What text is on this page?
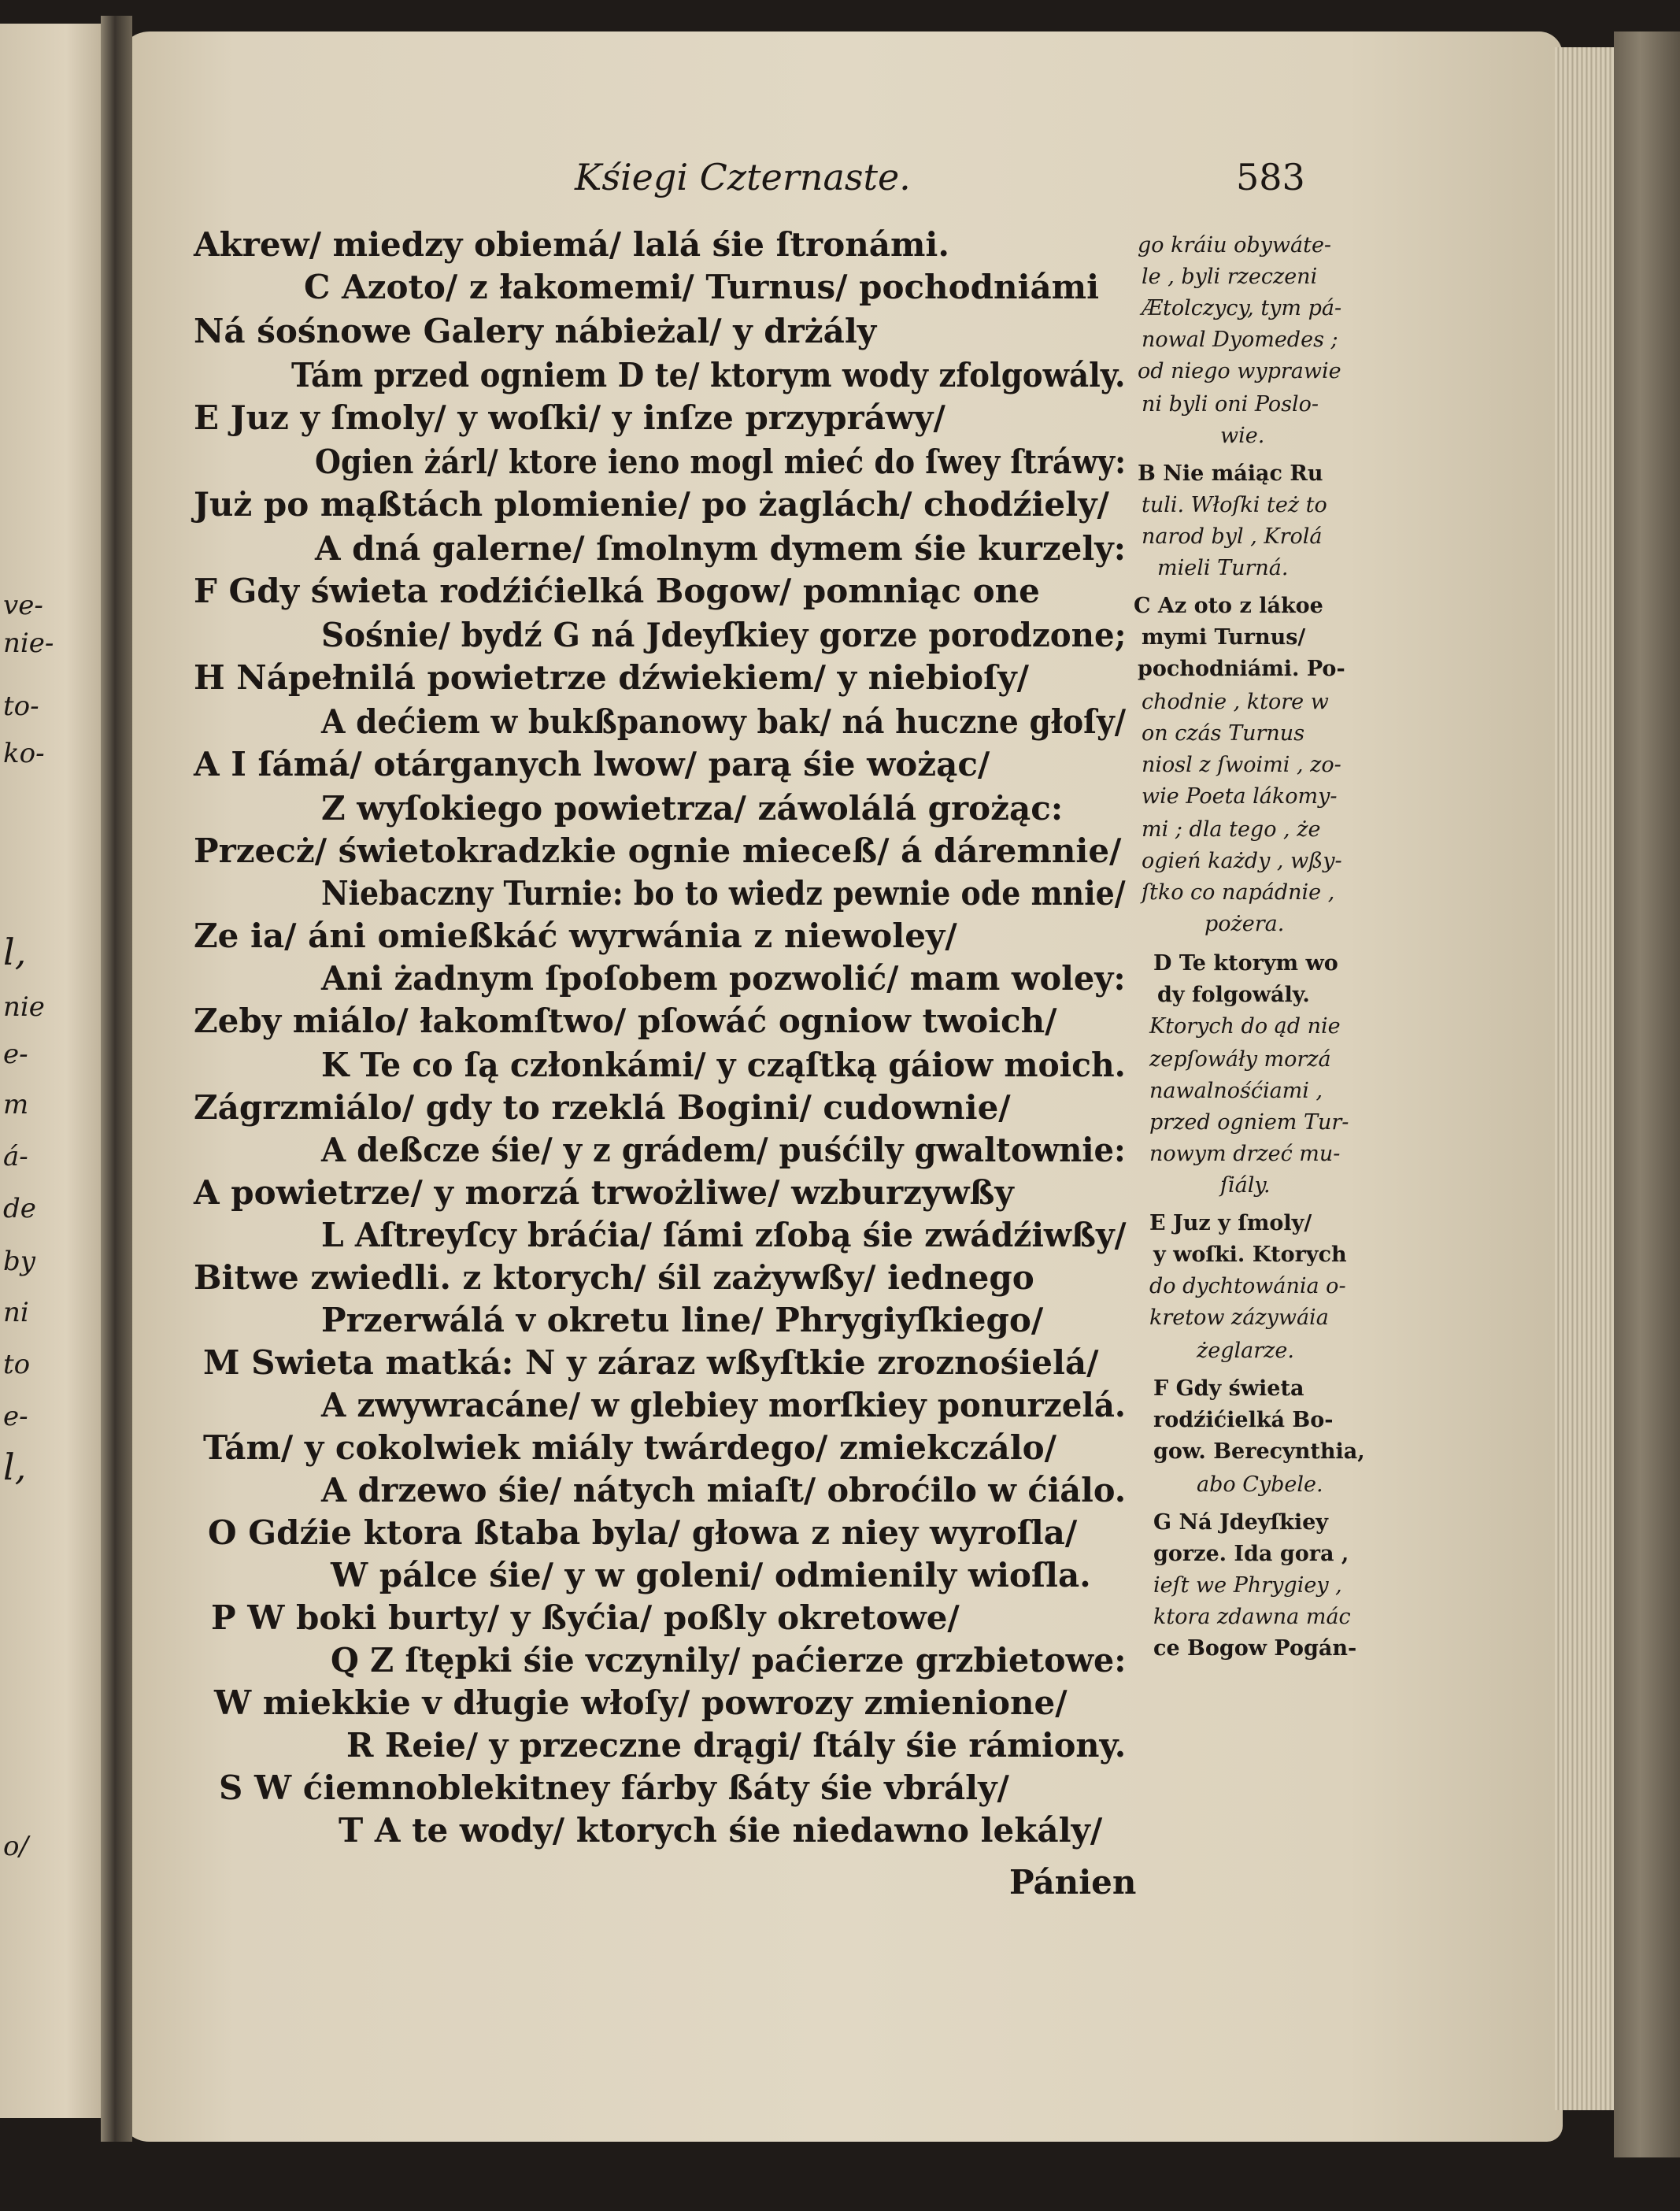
Kśiegi Czternaste.	583
ve-
nie-
to-
ko-
l,
nie
e-
m
á-
de
by
ni
to
e-
l,
o/
Akrew/ miedzy obiemá/ lalá śie ſtronámi.
C Azoto/ z łakomemi/ Turnus/ pochodniámi
Ná śośnowe Galery nábieżal/ y drżály
Tám przed ogniem D te/ ktorym wody zfolgowály.
E Juz y ſmoly/ y woſki/ y inſze przypráwy/
Ogien żárl/ ktore ieno mogl mieć do ſwey ſtráwy:
Już po mąßtách plomienie/ po żaglách/ chodźiely/
A dná galerne/ ſmolnym dymem śie kurzely:
F Gdy świeta rodźićielká Bogow/ pomniąc one
Sośnie/ bydź G ná Jdeyſkiey gorze porodzone;
H Nápełnilá powietrze dźwiekiem/ y niebioſy/
A dećiem w bukßpanowy bak/ ná huczne głoſy/
A I ſámá/ otárganych lwow/ parą śie wożąc/
Z wyſokiego powietrza/ záwolálá grożąc:
Przecż/ świetokradzkie ognie mieceß/ á dáremnie/
Niebaczny Turnie: bo to wiedz pewnie ode mnie/
Ze ia/ áni omießkáć wyrwánia z niewoley/
Ani żadnym ſpoſobem pozwolić/ mam woley:
Zeby miálo/ łakomſtwo/ pſowáć ogniow twoich/
K Te co ſą członkámi/ y cząſtką gáiow moich.
Zágrzmiálo/ gdy to rzeklá Bogini/ cudownie/
A deßcze śie/ y z grádem/ puśćily gwaltownie:
A powietrze/ y morzá trwożliwe/ wzburzywßy
L Aſtreyſcy bráćia/ ſámi zſobą śie zwádźiwßy/
Bitwe zwiedli. z ktorych/ śil zażywßy/ iednego
Przerwálá v okretu line/ Phrygiyſkiego/
M Swieta matká: N y záraz wßyſtkie zroznośielá/
A zwywracáne/ w glebiey morſkiey ponurzelá.
Tám/ y cokolwiek miály twárdego/ zmiekczálo/
A drzewo śie/ nátych miaſt/ obroćilo w ćiálo.
O Gdźie ktora ßtaba byla/ głowa z niey wyroſla/
W pálce śie/ y w goleni/ odmienily wioſla.
P W boki burty/ y ßyćia/ poßly okretowe/
Q Z ſtępki śie vczynily/ paćierze grzbietowe:
W miekkie v długie włoſy/ powrozy zmienione/
R Reie/ y przeczne drągi/ ſtály śie rámiony.
S W ćiemnoblekitney fárby ßáty śie vbrály/
T A te wody/ ktorych śie niedawno lekály/
Pánien
go kráiu obywáte-
le , byli rzeczeni
Ætolczycy, tym pá-
nowal Dyomedes ;
od niego wyprawie
ni byli oni Poslo-
wie.
B Nie máiąc Ru
tuli. Włoſki też to
narod byl , Krolá
mieli Turná.
C Az oto z lákoe
mymi Turnus/
pochodniámi. Po-
chodnie , ktore w
on czás Turnus
niosl z ſwoimi , zo-
wie Poeta lákomy-
mi ; dla tego , że
ogień każdy , wßy-
ſtko co napádnie ,
pożera.
D Te ktorym wo
dy folgowály.
Ktorych do ąd nie
zepſowáły morzá
nawalnośćiami ,
przed ogniem Tur-
nowym drzeć mu-
ſiály.
E Juz y ſmoly/
y woſki. Ktorych
do dychtowánia o-
kretow zázywáia
żeglarze.
F Gdy świeta
rodźićielká Bo-
gow. Berecynthia,
abo Cybele.
G Ná Jdeyſkiey
gorze. Ida gora ,
ieſt we Phrygiey ,
ktora zdawna mác
ce Bogow Pogán-
